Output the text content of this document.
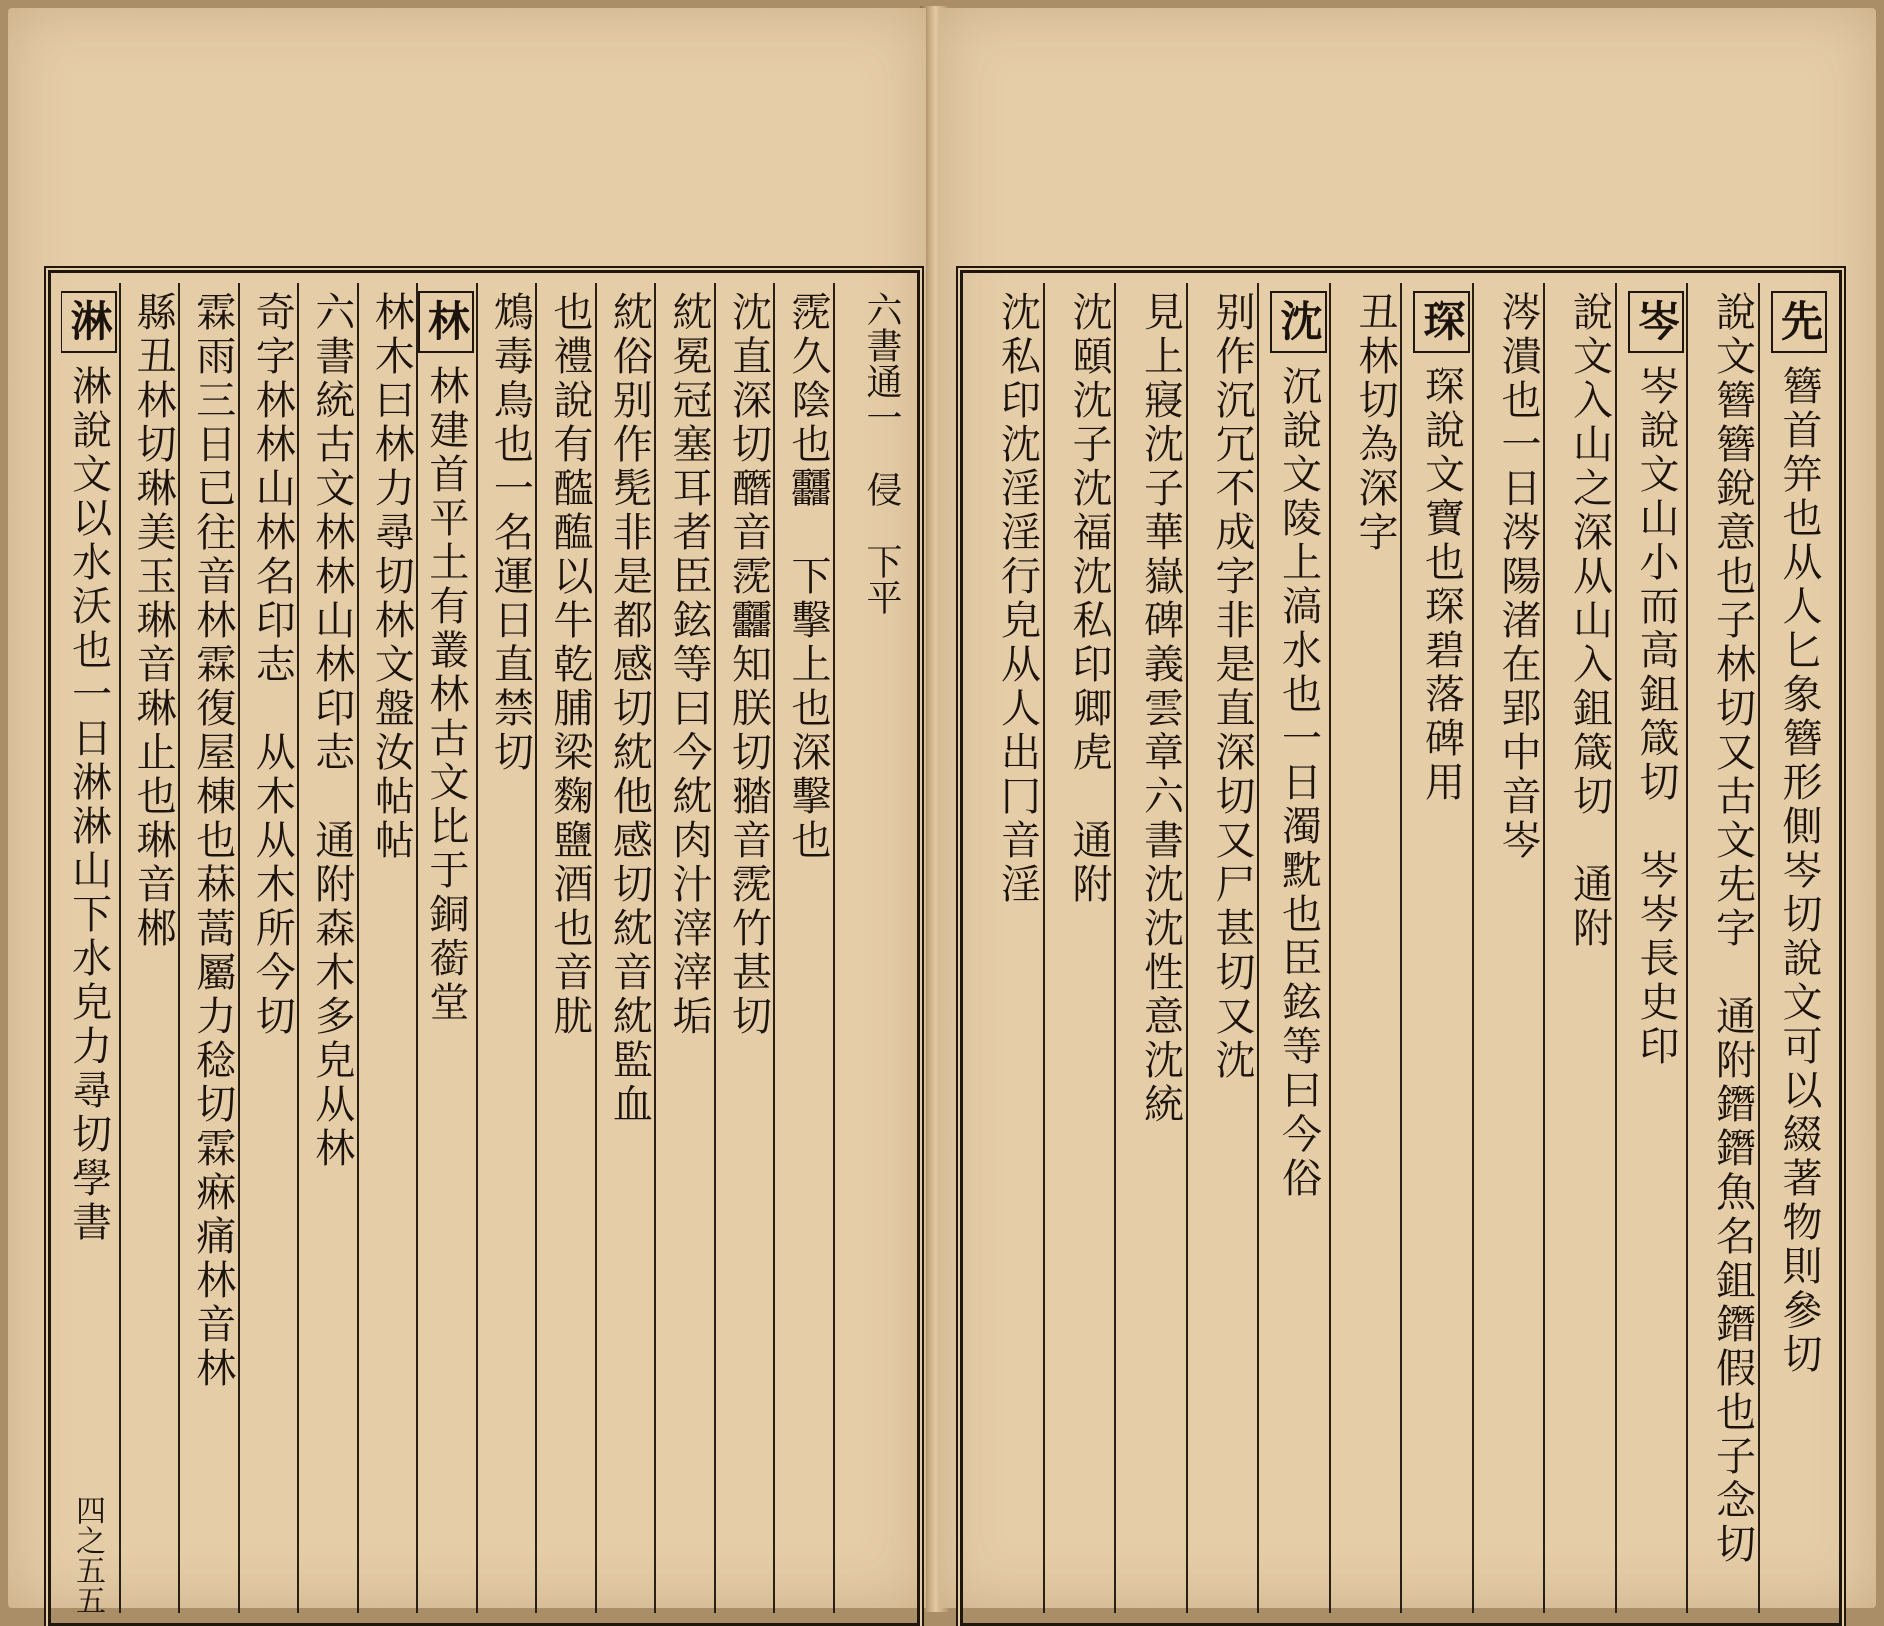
六書通一　侵　下平
霃久陰也䨻　下擊上也深擊也
沈直深切䤐音霃䨻知朕切䎓音霃竹甚切
紞冕冠塞耳者臣鉉等曰今紞肉汁滓滓垢
紞俗别作髧非是都感切紞他感切紞音紞監血
也禮說有醓醢以牛乾脯梁麴鹽酒也音肬
鴆毒鳥也一名運日直禁切
林林建首平土有叢林古文比于銅䕔堂
林木曰林力尋切林文盤汝帖帖
六書統古文林林山林印志　通附森木多皃从林
奇字林林山林名印志　从木从木所今切
霖雨三日已往音林霖復屋棟也菻蒿屬力稔切霖痳痛林音林
縣丑林切琳美玉琳音琳止也琳音郴
淋淋說文以水沃也一日淋淋山下水皃力尋切學書
四之五五
先簪首笄也从人匕象簪形側岑切說文可以綴著物則參切
說文簪簪銳意也子林切又古文兂字　通附鐕鐕魚名鉏鐕假也子念切
岑岑說文山小而高鉏箴切　岑岑長史印
說文入山之深从山入鉏箴切　通附
涔潰也一日涔陽渚在郢中音岑
琛琛說文寶也琛碧落碑用
丑林切為深字
沈沉說文陵上滈水也一日濁黕也臣鉉等曰今俗
别作沉冗不成字非是直深切又尸甚切又沈
見上寢沈子華嶽碑義雲章六書沈沈性意沈統
沈頤沈子沈福沈私印卿虎　通附
沈私印沈淫淫行皃从人出冂音淫
